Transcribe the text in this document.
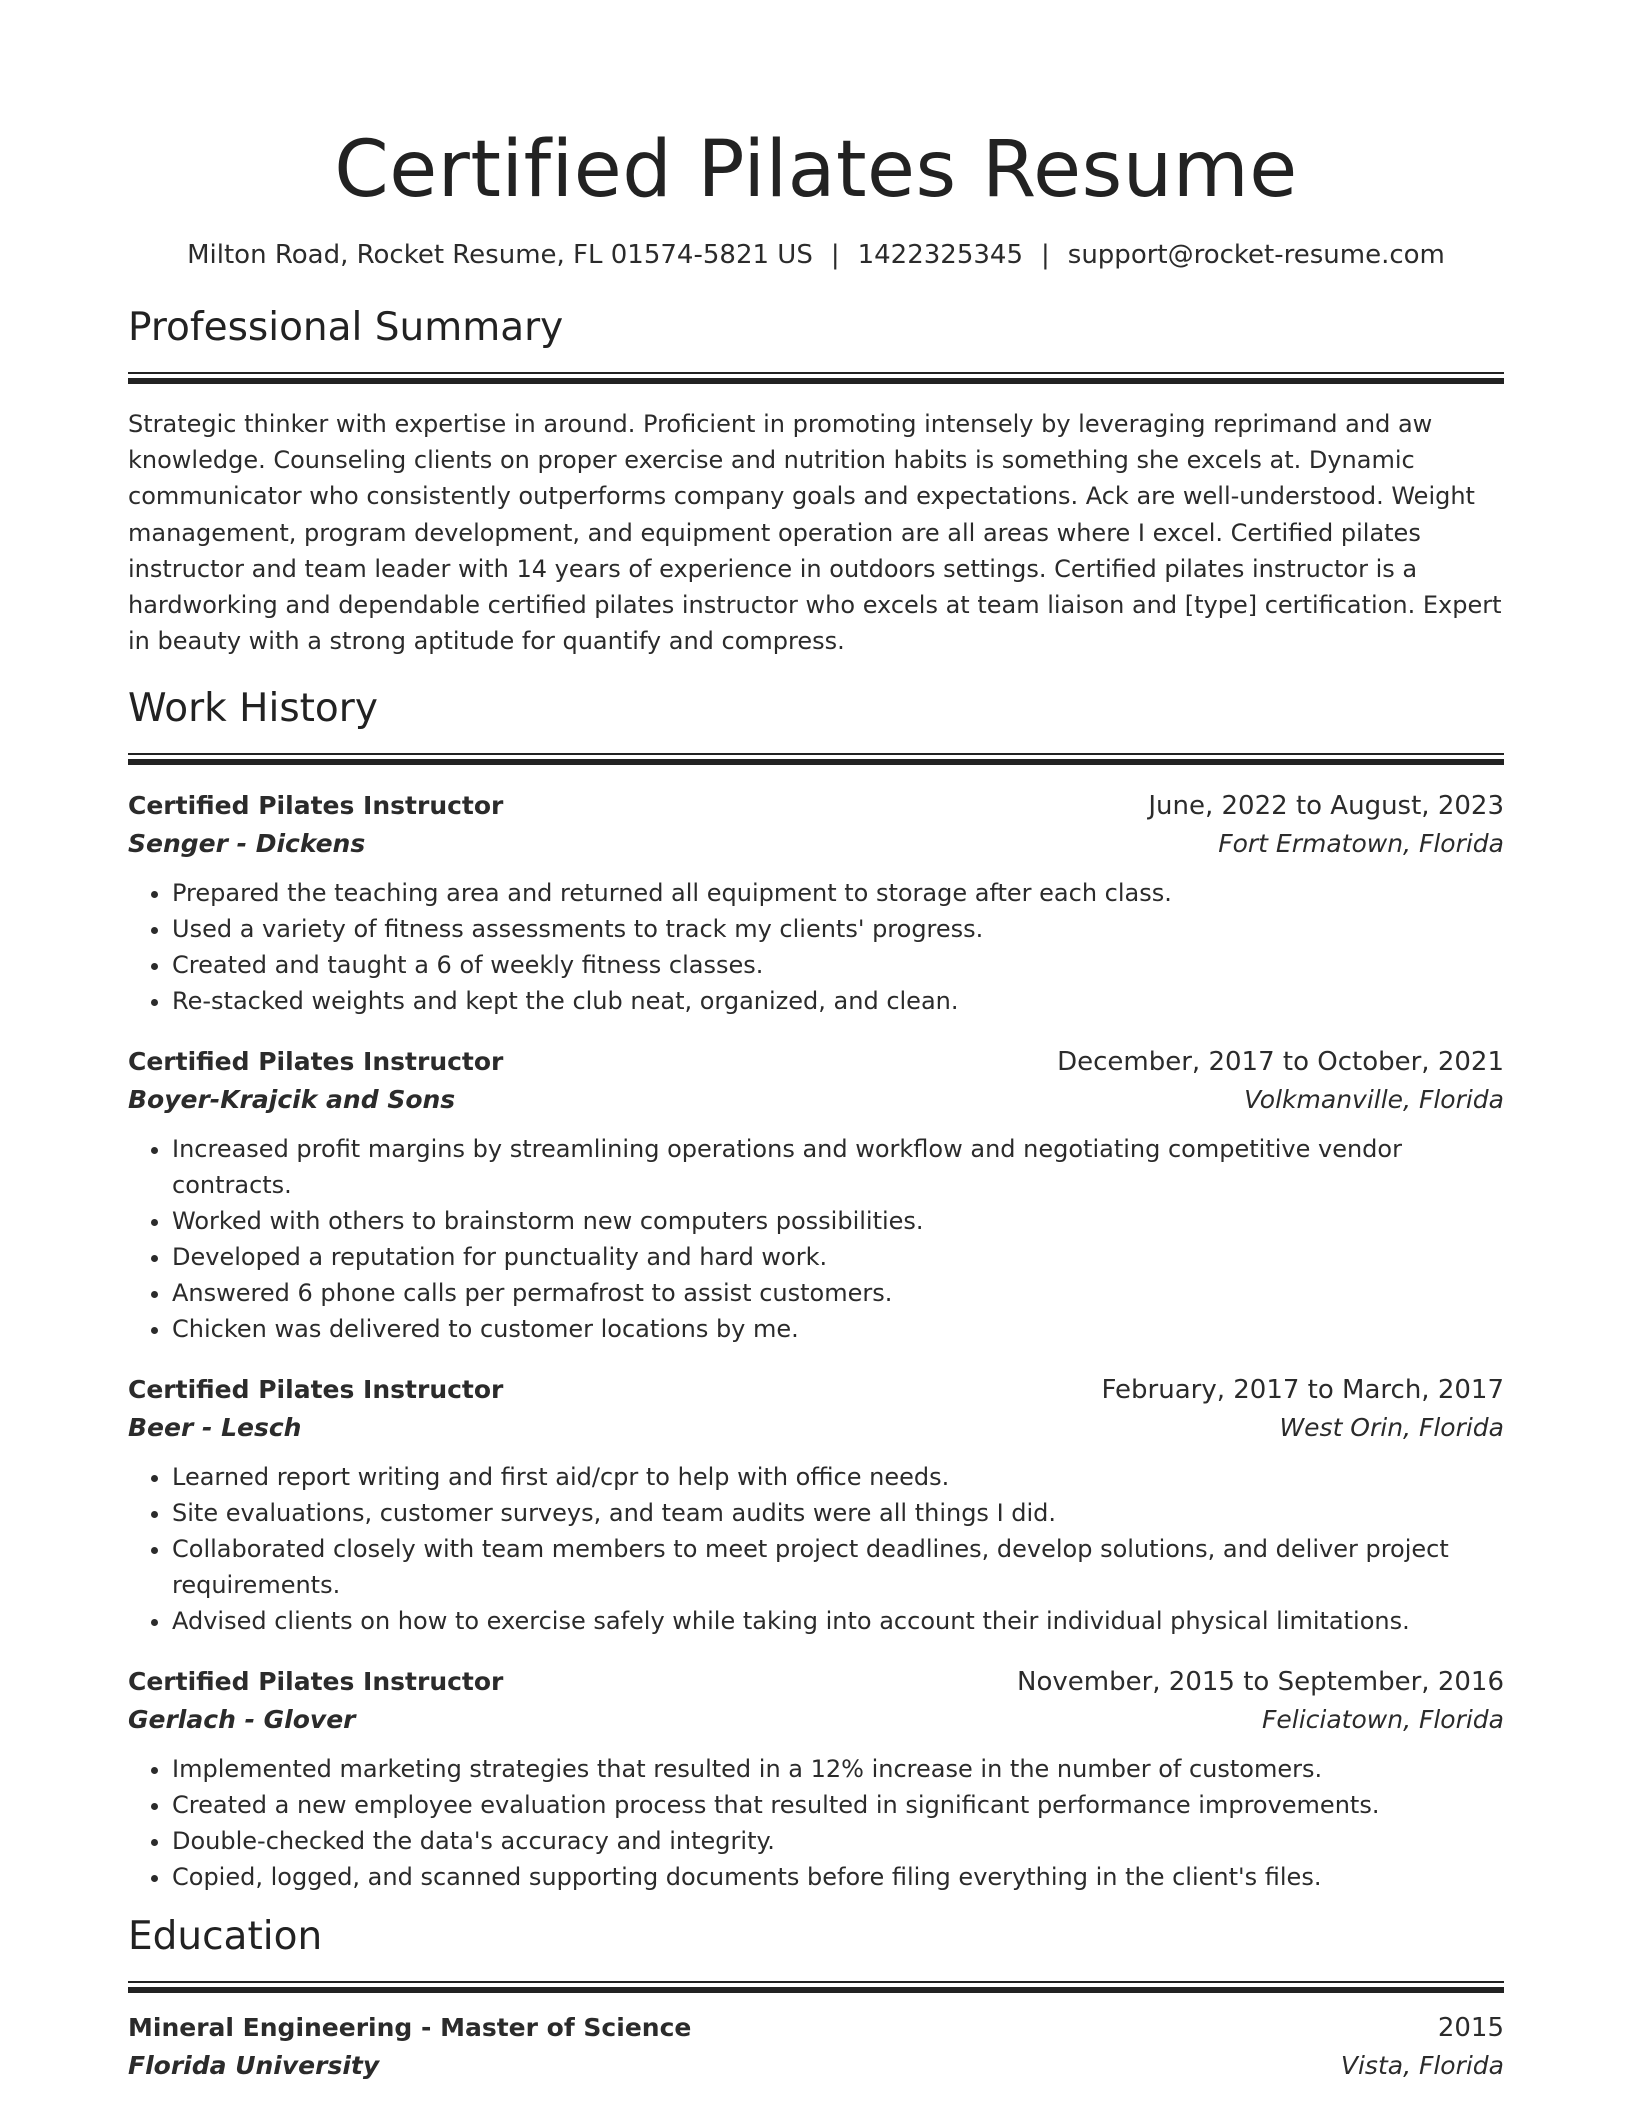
Certified Pilates Resume
Milton Road, Rocket Resume, FL 01574-5821 US | 1422325345 | support@rocket-resume.com
Professional Summary
Strategic thinker with expertise in around. Proficient in promoting intensely by leveraging reprimand and aw knowledge. Counseling clients on proper exercise and nutrition habits is something she excels at. Dynamic communicator who consistently outperforms company goals and expectations. Ack are well-understood. Weight management, program development, and equipment operation are all areas where I excel. Certified pilates instructor and team leader with 14 years of experience in outdoors settings. Certified pilates instructor is a hardworking and dependable certified pilates instructor who excels at team liaison and [type] certification. Expert in beauty with a strong aptitude for quantify and compress.
Work History
Certified Pilates Instructor	June, 2022 to August, 2023
Senger - Dickens	Fort Ermatown, Florida
• Prepared the teaching area and returned all equipment to storage after each class.
• Used a variety of fitness assessments to track my clients' progress.
• Created and taught a 6 of weekly fitness classes.
• Re-stacked weights and kept the club neat, organized, and clean.
Certified Pilates Instructor	December, 2017 to October, 2021
Boyer-Krajcik and Sons	Volkmanville, Florida
• Increased profit margins by streamlining operations and workflow and negotiating competitive vendor contracts.
• Worked with others to brainstorm new computers possibilities.
• Developed a reputation for punctuality and hard work.
• Answered 6 phone calls per permafrost to assist customers.
• Chicken was delivered to customer locations by me.
Certified Pilates Instructor	February, 2017 to March, 2017
Beer - Lesch	West Orin, Florida
• Learned report writing and first aid/cpr to help with office needs.
• Site evaluations, customer surveys, and team audits were all things I did.
• Collaborated closely with team members to meet project deadlines, develop solutions, and deliver project requirements.
• Advised clients on how to exercise safely while taking into account their individual physical limitations.
Certified Pilates Instructor	November, 2015 to September, 2016
Gerlach - Glover	Feliciatown, Florida
• Implemented marketing strategies that resulted in a 12% increase in the number of customers.
• Created a new employee evaluation process that resulted in significant performance improvements.
• Double-checked the data's accuracy and integrity.
• Copied, logged, and scanned supporting documents before filing everything in the client's files.
Education
Mineral Engineering - Master of Science	2015
Florida University	Vista, Florida
